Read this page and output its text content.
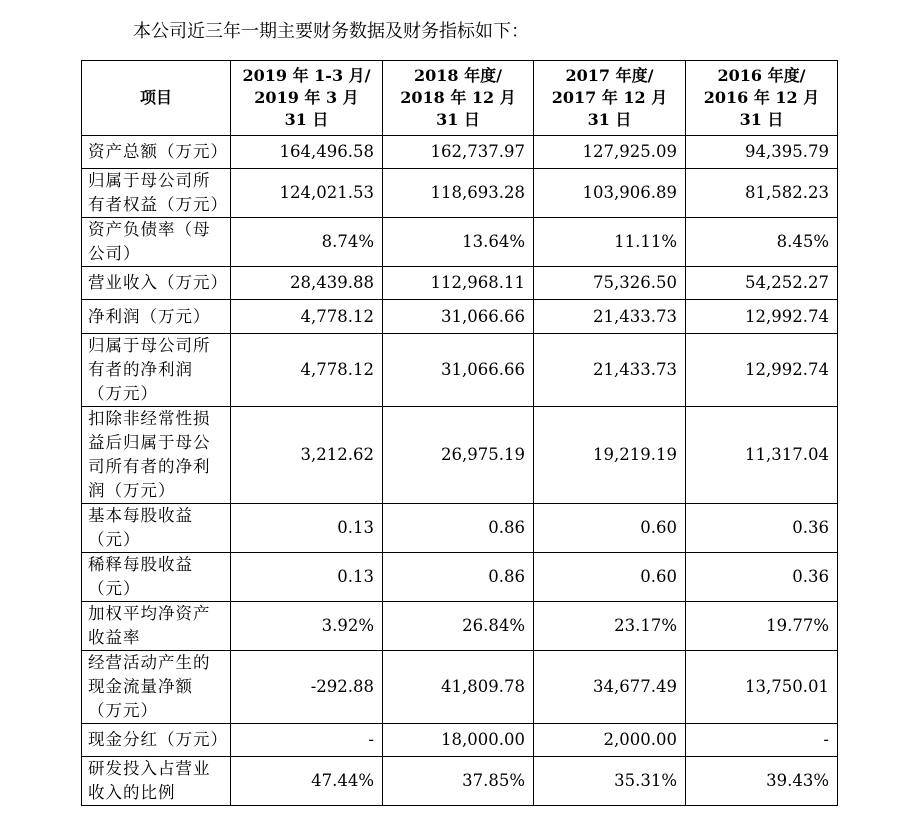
本公司近三年一期主要财务数据及财务指标如下：
项目	2019 年 1-3 月/
2019 年 3 月
31 日	2018 年度/
2018 年 12 月
31 日	2017 年度/
2017 年 12 月
31 日	2016 年度/
2016 年 12 月
31 日

资产总额（万元）	164,496.58	162,737.97	127,925.09	94,395.79
归属于母公司所有者权益（万元）	124,021.53	118,693.28	103,906.89	81,582.23
资产负债率（母公司）	8.74%	13.64%	11.11%	8.45%
营业收入（万元）	28,439.88	112,968.11	75,326.50	54,252.27
净利润（万元）	4,778.12	31,066.66	21,433.73	12,992.74
归属于母公司所有者的净利润（万元）	4,778.12	31,066.66	21,433.73	12,992.74
扣除非经常性损益后归属于母公司所有者的净利润（万元）	3,212.62	26,975.19	19,219.19	11,317.04
基本每股收益（元）	0.13	0.86	0.60	0.36
稀释每股收益（元）	0.13	0.86	0.60	0.36
加权平均净资产收益率	3.92%	26.84%	23.17%	19.77%
经营活动产生的现金流量净额（万元）	-292.88	41,809.78	34,677.49	13,750.01
现金分红（万元）	-	18,000.00	2,000.00	-
研发投入占营业收入的比例	47.44%	37.85%	35.31%	39.43%
